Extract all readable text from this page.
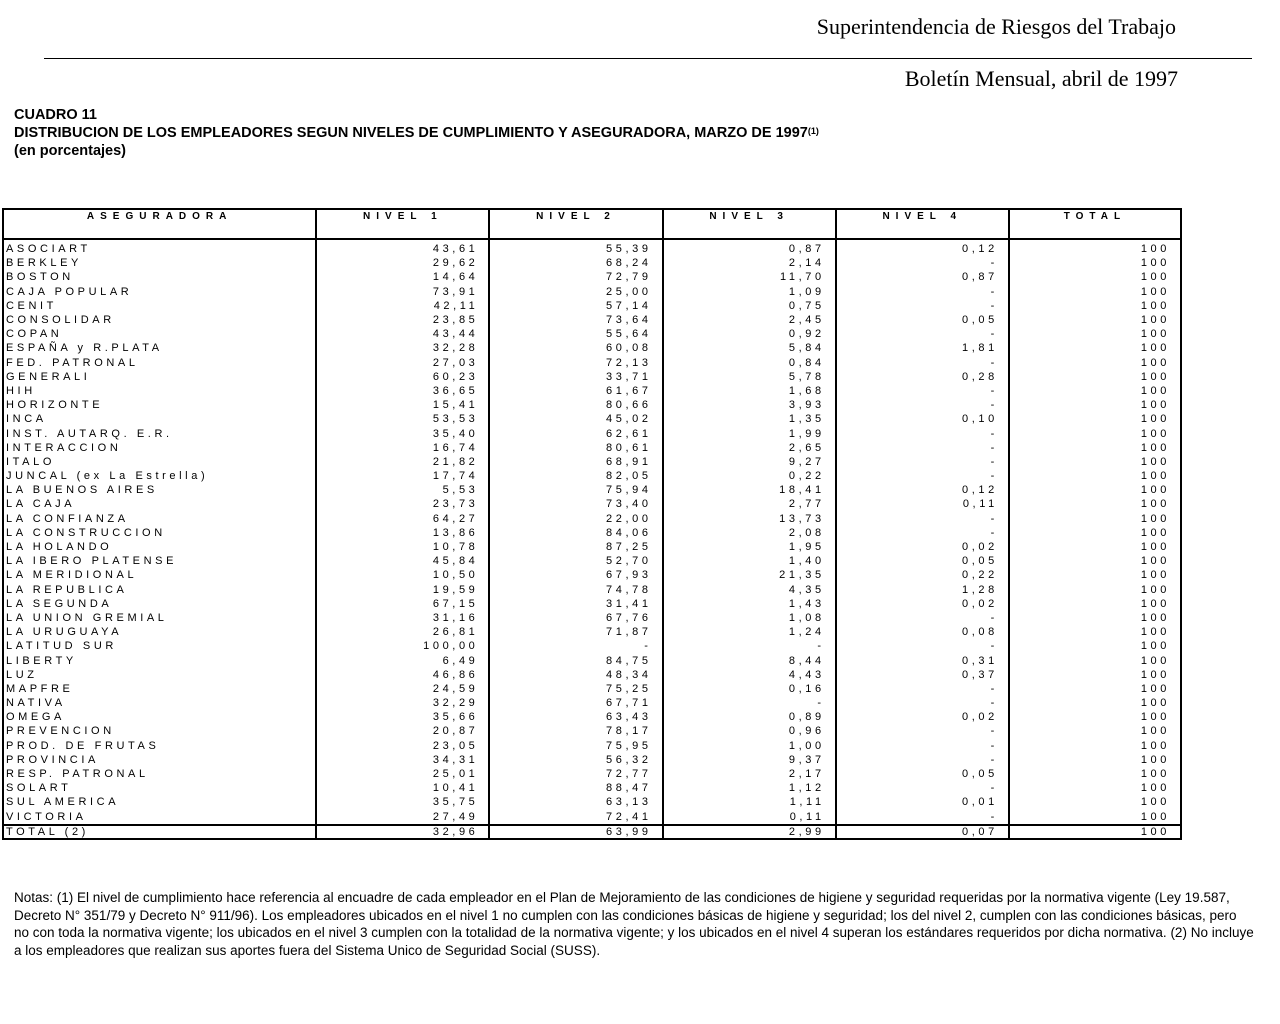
Superintendencia de Riesgos del Trabajo
Boletín Mensual, abril de 1997
CUADRO 11
DISTRIBUCION DE LOS EMPLEADORES SEGUN NIVELES DE CUMPLIMIENTO Y ASEGURADORA, MARZO DE 1997$^{(1)}$
(en porcentajes)
ASEGURADORA	NIVEL 1	NIVEL 2	NIVEL 3	NIVEL 4	TOTAL
ASOCIART	43,61	55,39	0,87	0,12	100
BERKLEY	29,62	68,24	2,14	-	100
BOSTON	14,64	72,79	11,70	0,87	100
CAJA POPULAR	73,91	25,00	1,09	-	100
CENIT	42,11	57,14	0,75	-	100
CONSOLIDAR	23,85	73,64	2,45	0,05	100
COPAN	43,44	55,64	0,92	-	100
ESPAÑA y R.PLATA	32,28	60,08	5,84	1,81	100
FED. PATRONAL	27,03	72,13	0,84	-	100
GENERALI	60,23	33,71	5,78	0,28	100
HIH	36,65	61,67	1,68	-	100
HORIZONTE	15,41	80,66	3,93	-	100
INCA	53,53	45,02	1,35	0,10	100
INST. AUTARQ. E.R.	35,40	62,61	1,99	-	100
INTERACCION	16,74	80,61	2,65	-	100
ITALO	21,82	68,91	9,27	-	100
JUNCAL (ex La Estrella)	17,74	82,05	0,22	-	100
LA BUENOS AIRES	5,53	75,94	18,41	0,12	100
LA CAJA	23,73	73,40	2,77	0,11	100
LA CONFIANZA	64,27	22,00	13,73	-	100
LA CONSTRUCCION	13,86	84,06	2,08	-	100
LA HOLANDO	10,78	87,25	1,95	0,02	100
LA IBERO PLATENSE	45,84	52,70	1,40	0,05	100
LA MERIDIONAL	10,50	67,93	21,35	0,22	100
LA REPUBLICA	19,59	74,78	4,35	1,28	100
LA SEGUNDA	67,15	31,41	1,43	0,02	100
LA UNION GREMIAL	31,16	67,76	1,08	-	100
LA URUGUAYA	26,81	71,87	1,24	0,08	100
LATITUD SUR	100,00	-	-	-	100
LIBERTY	6,49	84,75	8,44	0,31	100
LUZ	46,86	48,34	4,43	0,37	100
MAPFRE	24,59	75,25	0,16	-	100
NATIVA	32,29	67,71	-	-	100
OMEGA	35,66	63,43	0,89	0,02	100
PREVENCION	20,87	78,17	0,96	-	100
PROD. DE FRUTAS	23,05	75,95	1,00	-	100
PROVINCIA	34,31	56,32	9,37	-	100
RESP. PATRONAL	25,01	72,77	2,17	0,05	100
SOLART	10,41	88,47	1,12	-	100
SUL AMERICA	35,75	63,13	1,11	0,01	100
VICTORIA	27,49	72,41	0,11	-	100
TOTAL (2)	32,96	63,99	2,99	0,07	100
Notas: (1) El nivel de cumplimiento hace referencia al encuadre de cada empleador en el Plan de Mejoramiento de las condiciones de higiene y seguridad requeridas por la normativa vigente (Ley 19.587, Decreto N° 351/79 y Decreto N° 911/96). Los empleadores ubicados en el nivel 1 no cumplen con las condiciones básicas de higiene y seguridad; los del nivel 2, cumplen con las condiciones básicas, pero no con toda la normativa vigente; los ubicados en el nivel 3 cumplen con la totalidad de la normativa vigente; y los ubicados en el nivel 4 superan los estándares requeridos por dicha normativa. (2) No incluye a los empleadores que realizan sus aportes fuera del Sistema Unico de Seguridad Social (SUSS).
